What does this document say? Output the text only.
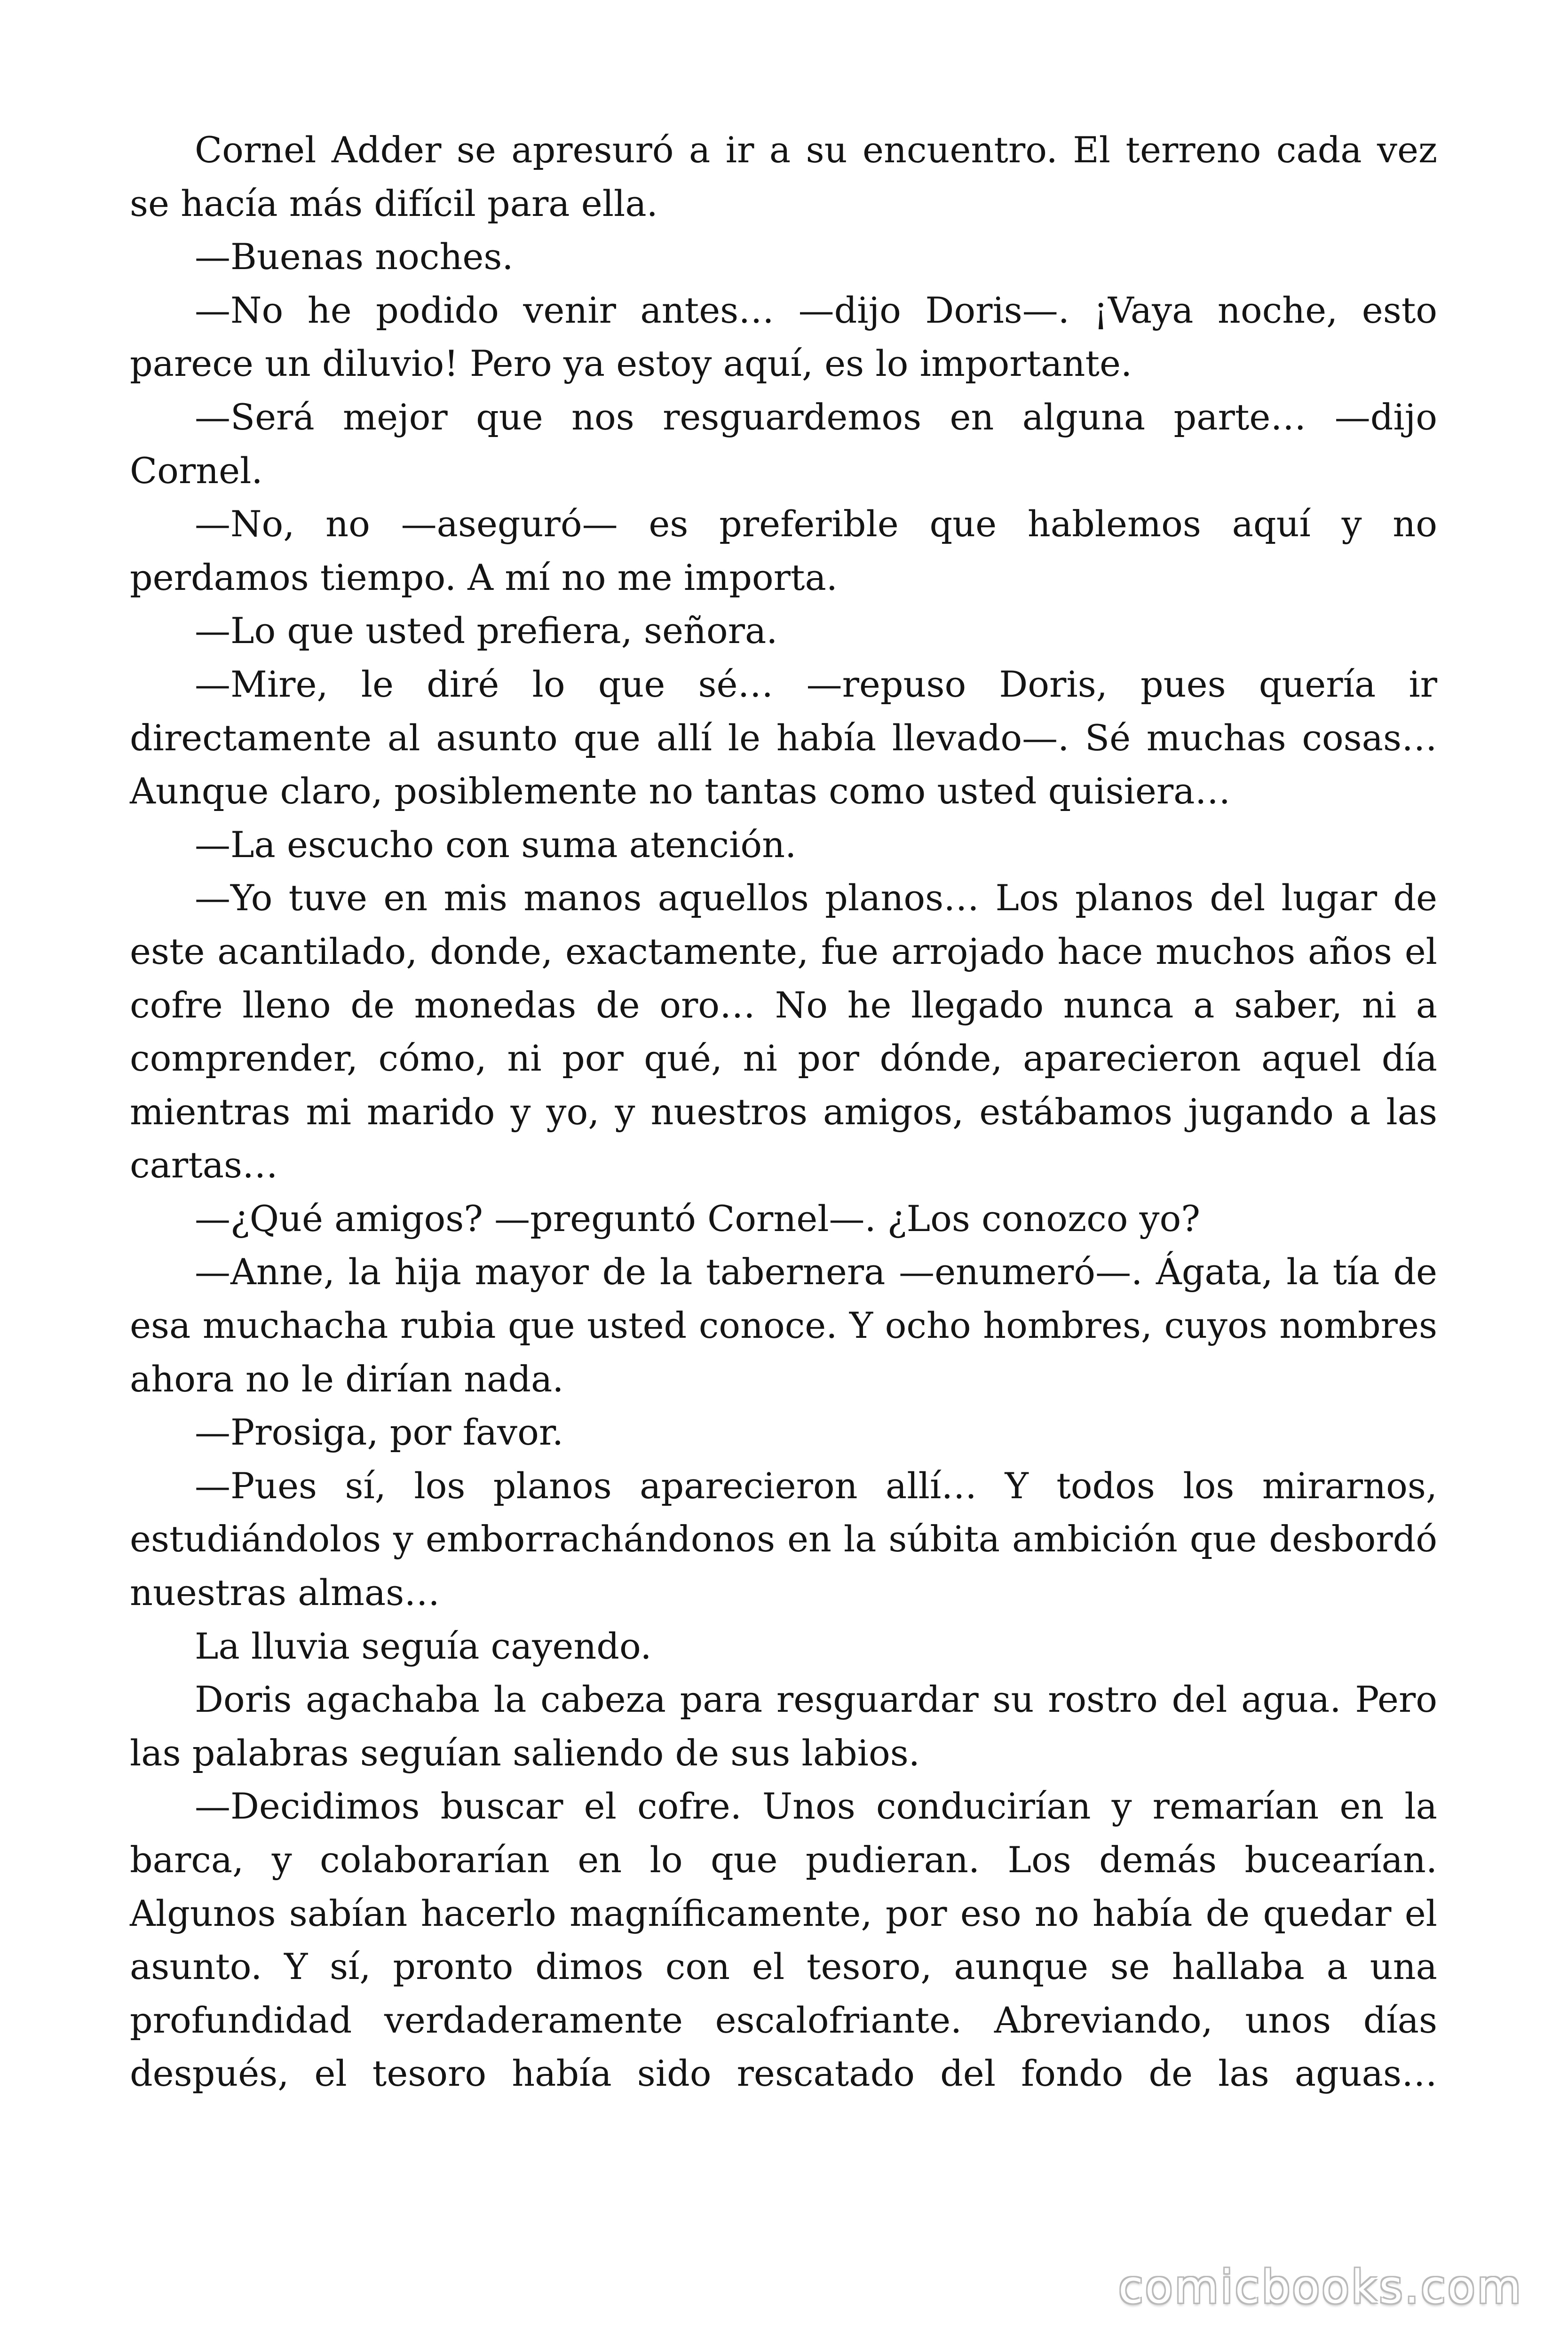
Cornel Adder se apresuró a ir a su encuentro. El terreno cada vez se hacía más difícil para ella.

—Buenas noches.

—No he podido venir antes… —dijo Doris—. ¡Vaya noche, esto parece un diluvio! Pero ya estoy aquí, es lo importante.

—Será mejor que nos resguardemos en alguna parte… —dijo Cornel.

—No, no —aseguró— es preferible que hablemos aquí y no perdamos tiempo. A mí no me importa.

—Lo que usted prefiera, señora.

—Mire, le diré lo que sé… —repuso Doris, pues quería ir directamente al asunto que allí le había llevado—. Sé muchas cosas… Aunque claro, posiblemente no tantas como usted quisiera…

—La escucho con suma atención.

—Yo tuve en mis manos aquellos planos… Los planos del lugar de este acantilado, donde, exactamente, fue arrojado hace muchos años el cofre lleno de monedas de oro… No he llegado nunca a saber, ni a comprender, cómo, ni por qué, ni por dónde, aparecieron aquel día mientras mi marido y yo, y nuestros amigos, estábamos jugando a las cartas…

—¿Qué amigos? —preguntó Cornel—. ¿Los conozco yo?

—Anne, la hija mayor de la tabernera —enumeró—. Ágata, la tía de esa muchacha rubia que usted conoce. Y ocho hombres, cuyos nombres ahora no le dirían nada.

—Prosiga, por favor.

—Pues sí, los planos aparecieron allí… Y todos los mirarnos, estudiándolos y emborrachándonos en la súbita ambición que desbordó nuestras almas…

La lluvia seguía cayendo.

Doris agachaba la cabeza para resguardar su rostro del agua. Pero las palabras seguían saliendo de sus labios.

—Decidimos buscar el cofre. Unos conducirían y remarían en la barca, y colaborarían en lo que pudieran. Los demás bucearían. Algunos sabían hacerlo magníficamente, por eso no había de quedar el asunto. Y sí, pronto dimos con el tesoro, aunque se hallaba a una profundidad verdaderamente escalofriante. Abreviando, unos días después, el tesoro había sido rescatado del fondo de las aguas…

comicbooks.com
